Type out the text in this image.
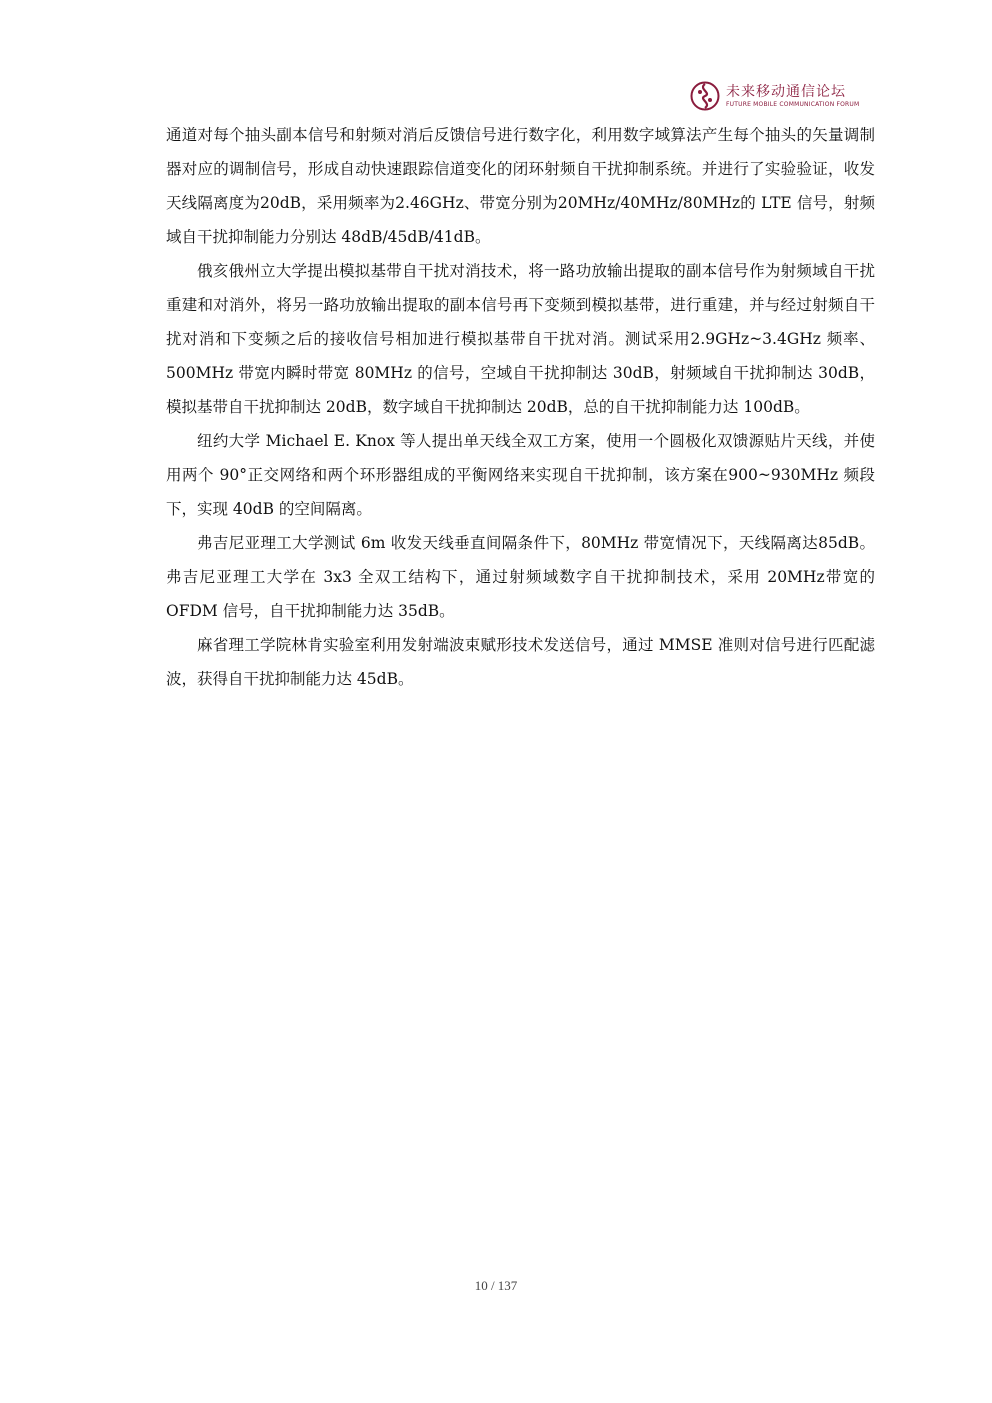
未来移动通信论坛
FUTURE MOBILE COMMUNICATION FORUM

通道对每个抽头副本信号和射频对消后反馈信号进行数字化，利用数字域算法产生每个抽头的矢量调制器对应的调制信号，形成自动快速跟踪信道变化的闭环射频自干扰抑制系统。并进行了实验验证，收发天线隔离度为20dB，采用频率为2.46GHz、带宽分别为20MHz/40MHz/80MHz的 LTE 信号，射频域自干扰抑制能力分别达 48dB/45dB/41dB。

俄亥俄州立大学提出模拟基带自干扰对消技术，将一路功放输出提取的副本信号作为射频域自干扰重建和对消外，将另一路功放输出提取的副本信号再下变频到模拟基带，进行重建，并与经过射频自干扰对消和下变频之后的接收信号相加进行模拟基带自干扰对消。测试采用2.9GHz~3.4GHz 频率、500MHz 带宽内瞬时带宽 80MHz 的信号，空域自干扰抑制达 30dB，射频域自干扰抑制达 30dB，模拟基带自干扰抑制达 20dB，数字域自干扰抑制达 20dB，总的自干扰抑制能力达 100dB。

纽约大学 Michael E. Knox 等人提出单天线全双工方案，使用一个圆极化双馈源贴片天线，并使用两个 90°正交网络和两个环形器组成的平衡网络来实现自干扰抑制，该方案在900~930MHz 频段下，实现 40dB 的空间隔离。

弗吉尼亚理工大学测试 6m 收发天线垂直间隔条件下，80MHz 带宽情况下，天线隔离达85dB。弗吉尼亚理工大学在 3x3 全双工结构下，通过射频域数字自干扰抑制技术，采用 20MHz带宽的 OFDM 信号，自干扰抑制能力达 35dB。

麻省理工学院林肯实验室利用发射端波束赋形技术发送信号，通过 MMSE 准则对信号进行匹配滤波，获得自干扰抑制能力达 45dB。

10 / 137
